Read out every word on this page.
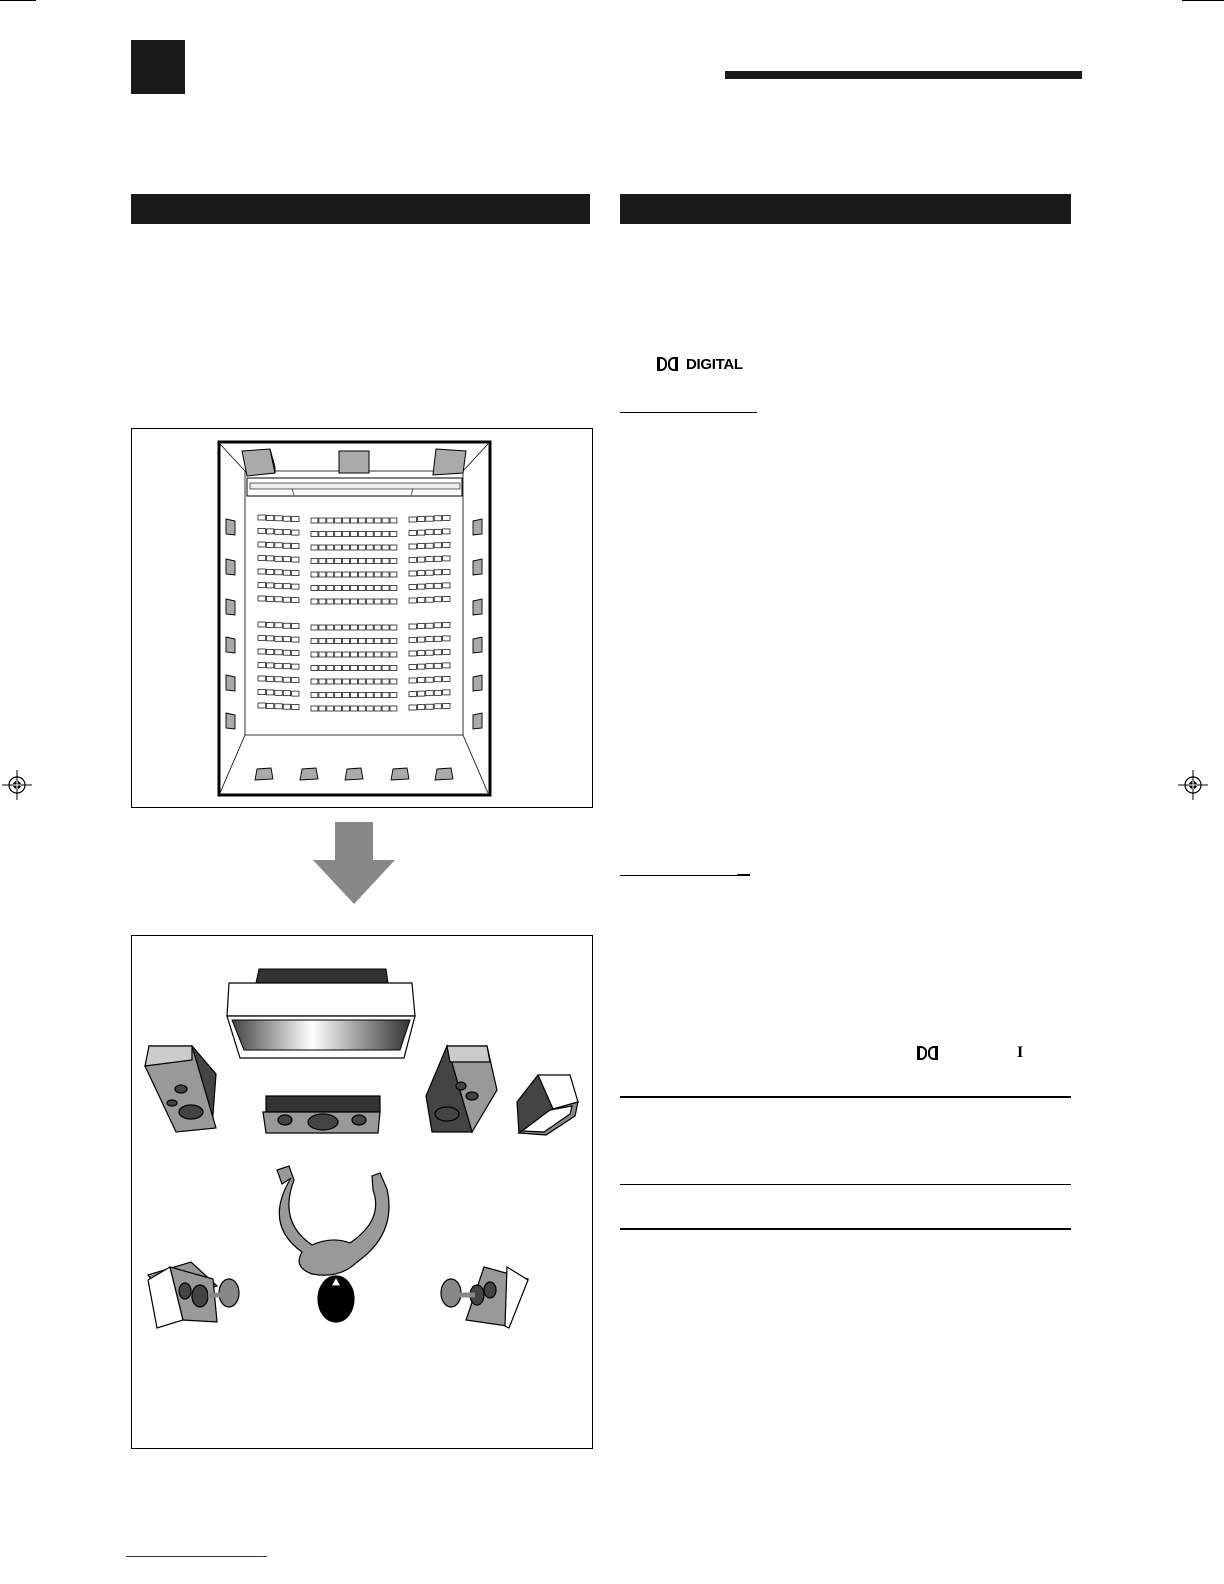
DIGITAL
I
